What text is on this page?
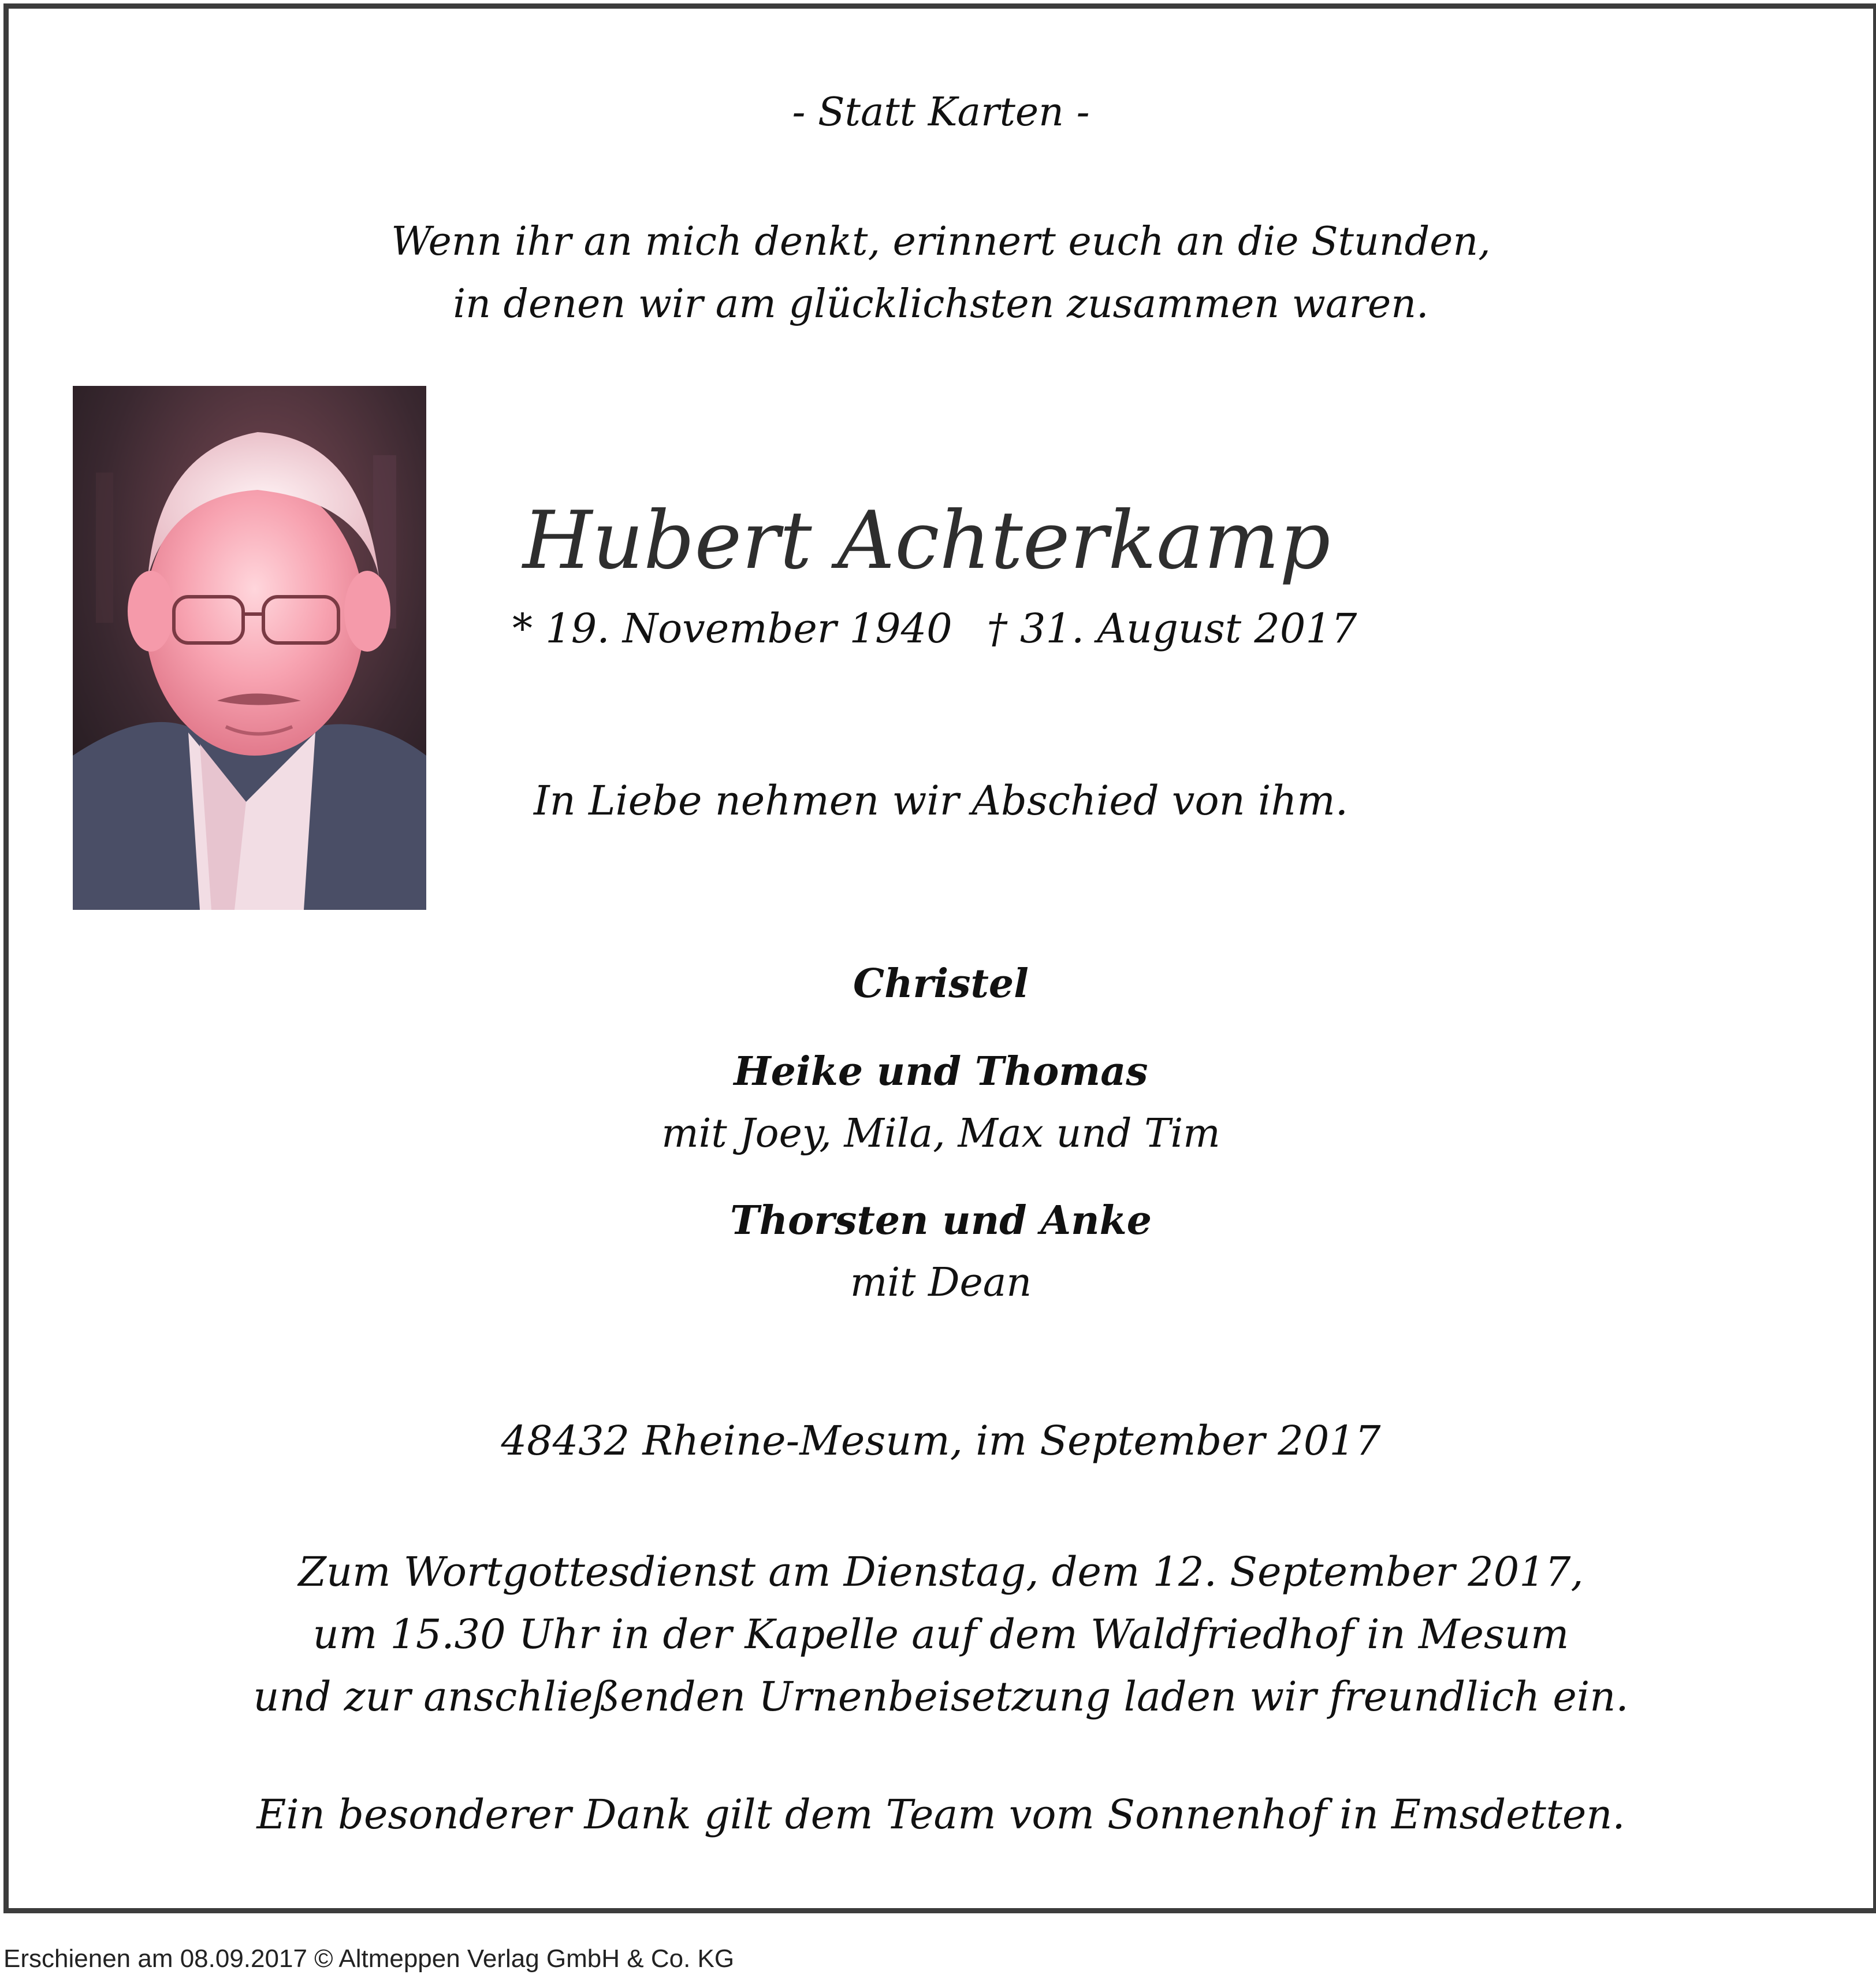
- Statt Karten -
Wenn ihr an mich denkt, erinnert euch an die Stunden,
in denen wir am glücklichsten zusammen waren.
Hubert Achterkamp
* 19. November 1940 † 31. August 2017
In Liebe nehmen wir Abschied von ihm.
Christel
Heike und Thomas
mit Joey, Mila, Max und Tim
Thorsten und Anke
mit Dean
48432 Rheine-Mesum, im September 2017
Zum Wortgottesdienst am Dienstag, dem 12. September 2017,
um 15.30 Uhr in der Kapelle auf dem Waldfriedhof in Mesum
und zur anschließenden Urnenbeisetzung laden wir freundlich ein.
Ein besonderer Dank gilt dem Team vom Sonnenhof in Emsdetten.
Erschienen am 08.09.2017 © Altmeppen Verlag GmbH & Co. KG
